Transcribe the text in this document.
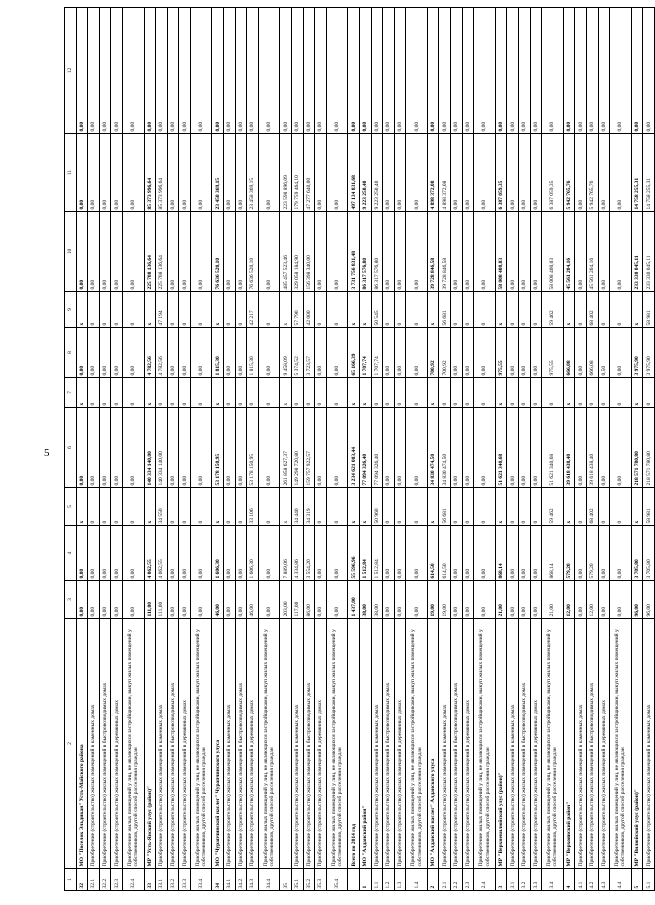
5
1	2	3	4	5	6	7	8	9	10	11	12
32	МО "Поселок Эльдикан" Усть-Майского района	0,00	0,00	x	0,00	x	0,00	x	0,00	0,00	0,00
32.1	Приобретение (строительство) жилых помещений в каменных домах	0,00	0,00	0	0,00	0	0,00	0	0,00	0,00	0,00
32.2	Приобретение (строительство) жилых помещений в быстровозводимых домах	0,00	0,00	0	0,00	0	0,00	0	0,00	0,00	0,00
32.3	Приобретение (строительство) жилых помещений в деревянных домах	0,00	0,00	0	0,00	0	0,00	0	0,00	0,00	0,00
32.4	Приобретение жилых помещений у лиц, не являющихся застройщиками, выкуп жилых помещений у собственников, другой способ расселения граждан	0,00	0,00	0	0,00	0	0,00	0	0,00	0,00	0,00
33	МР "Усть-Янский улус (район)"	111,00	4 062,55	x	140 334 140,00	x	4 782,56	x	225 708 136,64	85 373 996,64	0,00
33.1	Приобретение (строительство) жилых помещений в каменных домах	111,00	4 062,55	34 550	140 334 140,00	0	4 782,56	47 194	225 708 136,64	85 373 996,64	0,00
33.2	Приобретение (строительство) жилых помещений в быстровозводимых домах	0,00	0,00	0	0,00	0	0,00	0	0,00	0,00	0,00
33.3	Приобретение (строительство) жилых помещений в деревянных домах	0,00	0,00	0	0,00	0	0,00	0	0,00	0,00	0,00
33.4	Приобретение жилых помещений у лиц, не являющихся застройщиками, выкуп жилых помещений у собственников, другой способ расселения граждан	0,00	0,00	0	0,00	0	0,00	0	0,00	0,00	0,00
34	МО "Чурапчинский наслег" Чурапчинского улуса	46,00	1 606,30	x	53 178 150,95	x	1 815,30	x	76 636 520,10	23 458 369,15	0,00
34.1	Приобретение (строительство) жилых помещений в каменных домах	0,00	0,00	0	0,00	0	0,00	0	0,00	0,00	0,00
34.2	Приобретение (строительство) жилых помещений в быстровозводимых домах	0,00	0,00	0	0,00	0	0,00	0	0,00	0,00	0,00
34.3	Приобретение (строительство) жилых помещений в деревянных домах	46,00	1 606,30	33 106	53 178 150,95	0	1 815,30	42 217	76 636 520,10	23 458 369,15	0,00
34.4	Приобретение жилых помещений у лиц, не являющихся застройщиками, выкуп жилых помещений у собственников, другой способ расселения граждан	0,00	0,00	0	0,00	0	0,00	0	0,00	0,00	0,00
35		203,00	7 889,06	x	261 858 627,37	x	9 458,09	x	485 457 523,46	223 598 896,09	0,00
35.1	Приобретение (строительство) жилых помещений в каменных домах	117,00	4 334,86	34 440	149 298 720,80	0	5 374,52	57 790	329 058 184,90	179 759 464,10	0,00
35.2	Приобретение (строительство) жилых помещений в быстровозводимых домах	86,00	3 554,20	34 319	159 757 922,57	0	3 723,57	42 000	156 398 340,00	47 277 640,00	0,00
35.3	Приобретение (строительство) жилых помещений в деревянных домах	0,00	0,00	0	0,00	0	0,00	0	0,00	0,00	0,00
35.4	Приобретение жилых помещений у лиц, не являющихся застройщиками, выкуп жилых помещений у собственников, другой способ расселения граждан	0,00	0,00	0	0,00	0	0,00	0	0,00	0,00	0,00
	Всего по 2014 год	1 437,00	55 596,96	x	3 234 621 003,44	x	65 166,39	x	3 731 756 831,48	497 134 831,68	0,00
1	МО "Алданский район"	38,00	1 512,84	x	77 094 326,40	x	1 707,74	x	86 317 576,80	9 223 250,40	0,00
1.1	Приобретение (строительство) жилых помещений в каменных домах	38,00	1 512,84	50 960	77 094 326,40	0	1 707,74	50 545	86 317 576,80	9 223 250,40	0,00
1.2	Приобретение (строительство) жилых помещений в быстровозводимых домах	0,00	0,00	0	0,00	0	0,00	0	0,00	0,00	0,00
1.3	Приобретение (строительство) жилых помещений в деревянных домах	0,00	0,00	0	0,00	0	0,00	0	0,00	0,00	0,00
1.4	Приобретение жилых помещений у лиц, не являющихся застройщиками, выкуп жилых помещений у собственников, другой способ расселения граждан	0,00	0,00	0	0,00	0	0,00	0	0,00	0,00	0,00
2	МО "Алданский наслег" Алданского улуса	19,00	614,50	x	34 830 474,50	x	700,92	x	39 728 846,58	4 898 372,08	0,00
2.1	Приобретение (строительство) жилых помещений в каменных домах	19,00	614,50	56 681	34 830 474,50	0	700,92	56 681	39 728 846,58	4 898 372,08	0,00
2.2	Приобретение (строительство) жилых помещений в быстровозводимых домах	0,00	0,00	0	0,00	0	0,00	0	0,00	0,00	0,00
2.3	Приобретение (строительство) жилых помещений в деревянных домах	0,00	0,00	0	0,00	0	0,00	0	0,00	0,00	0,00
2.4	Приобретение жилых помещений у лиц, не являющихся застройщиками, выкуп жилых помещений у собственников, другой способ расселения граждан	0,00	0,00	0	0,00	0	0,00	0	0,00	0,00	0,00
3	МР "Верхневилюйский улус (район)"	21,00	868,14	x	51 621 340,68	x	975,55	x	58 008 400,03	6 387 059,35	0,00
3.1	Приобретение (строительство) жилых помещений в каменных домах	0,00	0,00	0	0,00	0	0,00	0	0,00	0,00	0,00
3.2	Приобретение (строительство) жилых помещений в быстровозводимых домах	0,00	0,00	0	0,00	0	0,00	0	0,00	0,00	0,00
3.3	Приобретение (строительство) жилых помещений в деревянных домах	0,00	0,00	0	0,00	0	0,00	0	0,00	0,00	0,00
3.4	Приобретение жилых помещений у лиц, не являющихся застройщиками, выкуп жилых помещений у собственников, другой способ расселения граждан	21,00	868,14	59 462	51 621 340,68	0	975,55	59 462	58 008 400,03	6 387 059,35	0,00
4	МР "Верхоянский район"	12,00	579,20	x	39 618 438,40	x	666,08	x	45 561 204,16	5 942 765,76	0,00
4.1	Приобретение (строительство) жилых помещений в каменных домах	0,00	0,00	0	0,00	0	0,00	0	0,00	0,00	0,00
4.2	Приобретение (строительство) жилых помещений в быстровозводимых домах	12,00	579,20	68 402	39 618 438,40	0	666,08	68 402	45 561 204,16	5 942 765,76	0,00
4.3	Приобретение (строительство) жилых помещений в деревянных домах	0,00	0,00	0	0,00	0	0,50	0	0,00	0,00	0,00
4.4	Приобретение жилых помещений у лиц, не являющихся застройщиками, выкуп жилых помещений у собственников, другой способ расселения граждан	0,00	0,00	0	0,00	0	0,00	0	0,00	0,00	0,00
5	МР "Вилюйский улус (район)"	96,00	3 705,80	x	218 571 780,80	x	3 975,90	x	233 330 045,11	14 758 255,31	0,00
5.1	Приобретение (строительство) жилых помещений в каменных домах	96,00	3 705,80	58 981	218 571 780,80	0	3 975,90	58 981	233 330 045,11	14 758 255,31	0,00
